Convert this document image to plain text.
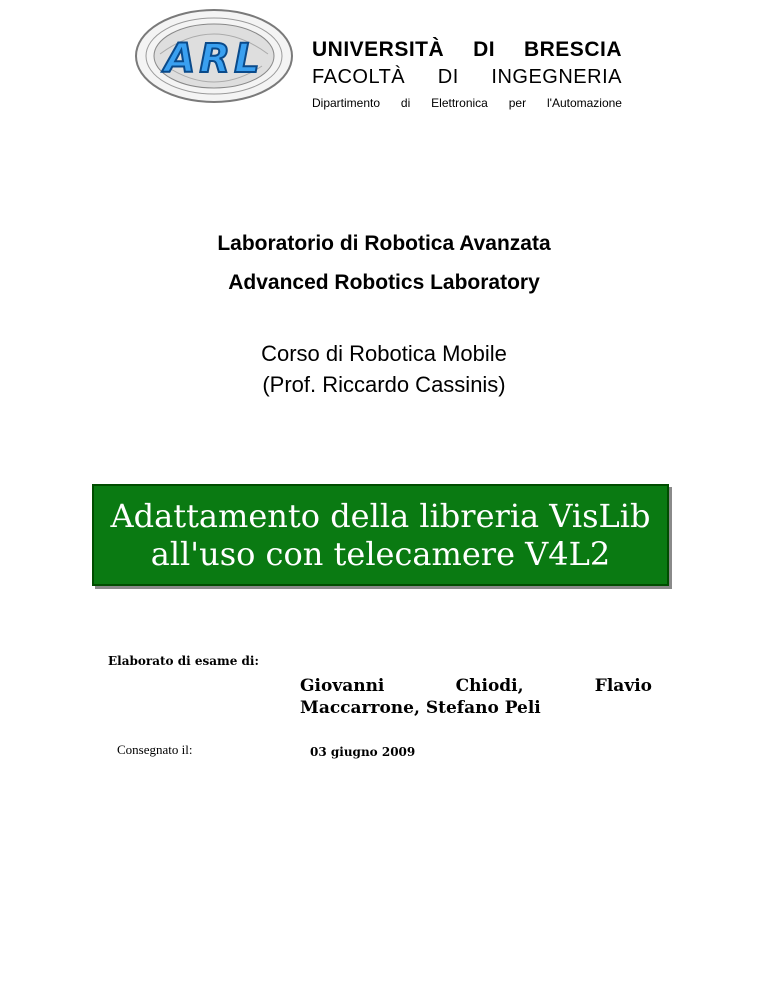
ARL UNIVERSITÀ DI BRESCIA
FACOLTÀ DI INGEGNERIA
Dipartimento di Elettronica per l'Automazione
Laboratorio di Robotica Avanzata
Advanced Robotics Laboratory
Corso di Robotica Mobile
(Prof. Riccardo Cassinis)
Adattamento della libreria VisLib
all'uso con telecamere V4L2
Elaborato di esame di:
Giovanni	Chiodi,	Flavio
Maccarrone, Stefano Peli
Consegnato il:	03 giugno 2009
